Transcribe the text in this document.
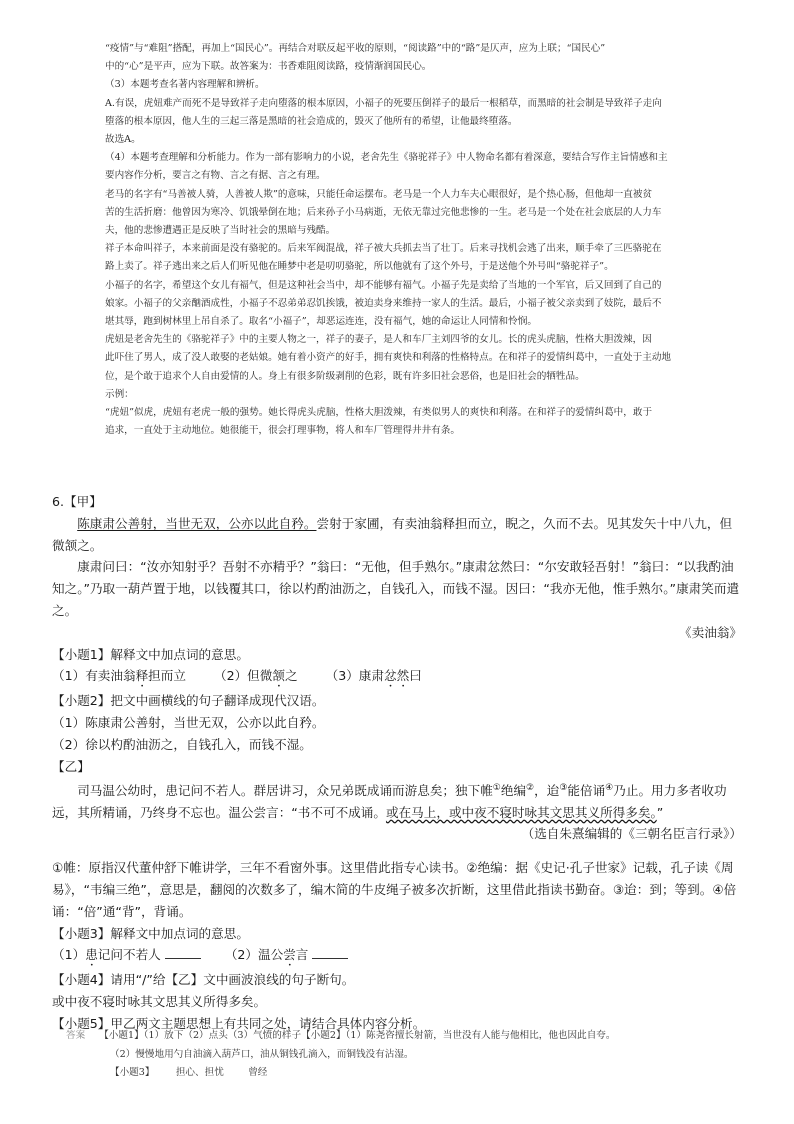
“疫情”与“难阻”搭配，再加上“国民心”。再结合对联反起平收的原则，“阅读路”中的“路”是仄声，应为上联；“国民心”

中的“心”是平声，应为下联。故答案为：书香难阻阅读路，疫情渐润国民心。

（3）本题考查名著内容理解和辨析。

A.有误，虎妞难产而死不是导致祥子走向堕落的根本原因，小福子的死要压倒祥子的最后一根稻草，而黑暗的社会制是导致祥子走向

堕落的根本原因，他人生的三起三落是黑暗的社会造成的，毁灭了他所有的希望，让他最终堕落。

故选A。

（4）本题考查理解和分析能力。作为一部有影响力的小说，老舍先生《骆驼祥子》中人物命名都有着深意，要结合写作主旨情感和主

要内容作分析，要言之有物、言之有据、言之有理。

老马的名字有“马善被人骑，人善被人欺”的意味，只能任命运摆布。老马是一个人力车夫心眼很好，是个热心肠，但他却一直被贫

苦的生活折磨：他曾因为寒冷、饥饿晕倒在地；后来孙子小马病逝，无依无靠过完他悲惨的一生。老马是一个处在社会底层的人力车

夫，他的悲惨遭遇正是反映了当时社会的黑暗与残酷。

祥子本命叫祥子，本来前面是没有骆驼的。后来军阀混战，祥子被大兵抓去当了壮丁。后来寻找机会逃了出来，顺手牵了三匹骆驼在

路上卖了。祥子逃出来之后人们听见他在睡梦中老是叨叨骆驼，所以他就有了这个外号，于是送他个外号叫“骆驼祥子”。

小福子的名字，希望这个女儿有福气，但是这种社会当中，却不能够有福气。小福子先是卖给了当地的一个军官，后又回到了自己的

娘家。小福子的父亲酗酒成性，小福子不忍弟弟忍饥挨饿，被迫卖身来维持一家人的生活。最后，小福子被父亲卖到了妓院，最后不

堪其辱，跑到树林里上吊自杀了。取名“小福子”，却恶运连连，没有福气，她的命运让人同情和怜悯。

虎妞是老舍先生的《骆驼祥子》中的主要人物之一，祥子的妻子，是人和车厂主刘四爷的女儿。长的虎头虎脑，性格大胆泼辣，因

此吓住了男人，成了没人敢娶的老姑娘。她有着小资产的好手，拥有爽快和利落的性格特点。在和祥子的爱情纠葛中，一直处于主动地

位，是个敢于追求个人自由爱情的人。身上有很多阶级剥削的色彩，既有许多旧社会恶俗，也是旧社会的牺牲品。

示例：

“虎妞”似虎，虎妞有老虎一般的强势。她长得虎头虎脑，性格大胆泼辣，有类似男人的爽快和利落。在和祥子的爱情纠葛中，敢于

追求，一直处于主动地位。她很能干，很会打理事物，将人和车厂管理得井井有条。

6.【甲】

陈康肃公善射，当世无双，公亦以此自矜。尝射于家圃，有卖油翁释担而立，睨之，久而不去。见其发矢十中八九，但微颔之。

康肃问曰：“汝亦知射乎？吾射不亦精乎？”翁曰：“无他，但手熟尔。”康肃忿然曰：“尔安敢轻吾射！”翁曰：“以我酌油知之。”乃取一葫芦置于地，以钱覆其口，徐以杓酌油沥之，自钱孔入，而钱不湿。因曰：“我亦无他，惟手熟尔。”康肃笑而遣之。

《卖油翁》

【小题1】解释文中加点词的意思。

（1）有卖油翁释担而立 （2）但微颔之 （3）康肃忿然曰

【小题2】把文中画横线的句子翻译成现代汉语。

（1）陈康肃公善射，当世无双，公亦以此自矜。

（2）徐以杓酌油沥之，自钱孔入，而钱不湿。

【乙】

司马温公幼时，患记问不若人。群居讲习，众兄弟既成诵而游息矣；独下帷①绝编②，迨③能倍诵④乃止。用力多者收功远，其所精诵，乃终身不忘也。温公尝言：“书不可不成诵。或在马上，或中夜不寝时咏其文思其义所得多矣。”

（选自朱熹编辑的《三朝名臣言行录》）

①帷：原指汉代董仲舒下帷讲学，三年不看窗外事。这里借此指专心读书。②绝编：据《史记·孔子世家》记载，孔子读《周易》，“韦编三绝”，意思是，翻阅的次数多了，编木简的牛皮绳子被多次折断，这里借此指读书勤奋。③迨：到；等到。④倍诵：“倍”通“背”，背诵。

【小题3】解释文中加点词的意思。

（1）患记问不若人	（2）温公尝言

【小题4】请用“/”给【乙】文中画波浪线的句子断句。

或中夜不寝时咏其文思其义所得多矣。

【小题5】甲乙两文主题思想上有共同之处，请结合具体内容分析。

答案 【小题1】（1）放下（2）点头（3）气愤的样子【小题2】（1）陈尧咨擅长射箭，当世没有人能与他相比，他也因此自夸。

（2）慢慢地用勺自油滴入葫芦口，油从铜钱孔滴入，而铜钱没有沾湿。

【小题3】 担心、担忧	曾经
